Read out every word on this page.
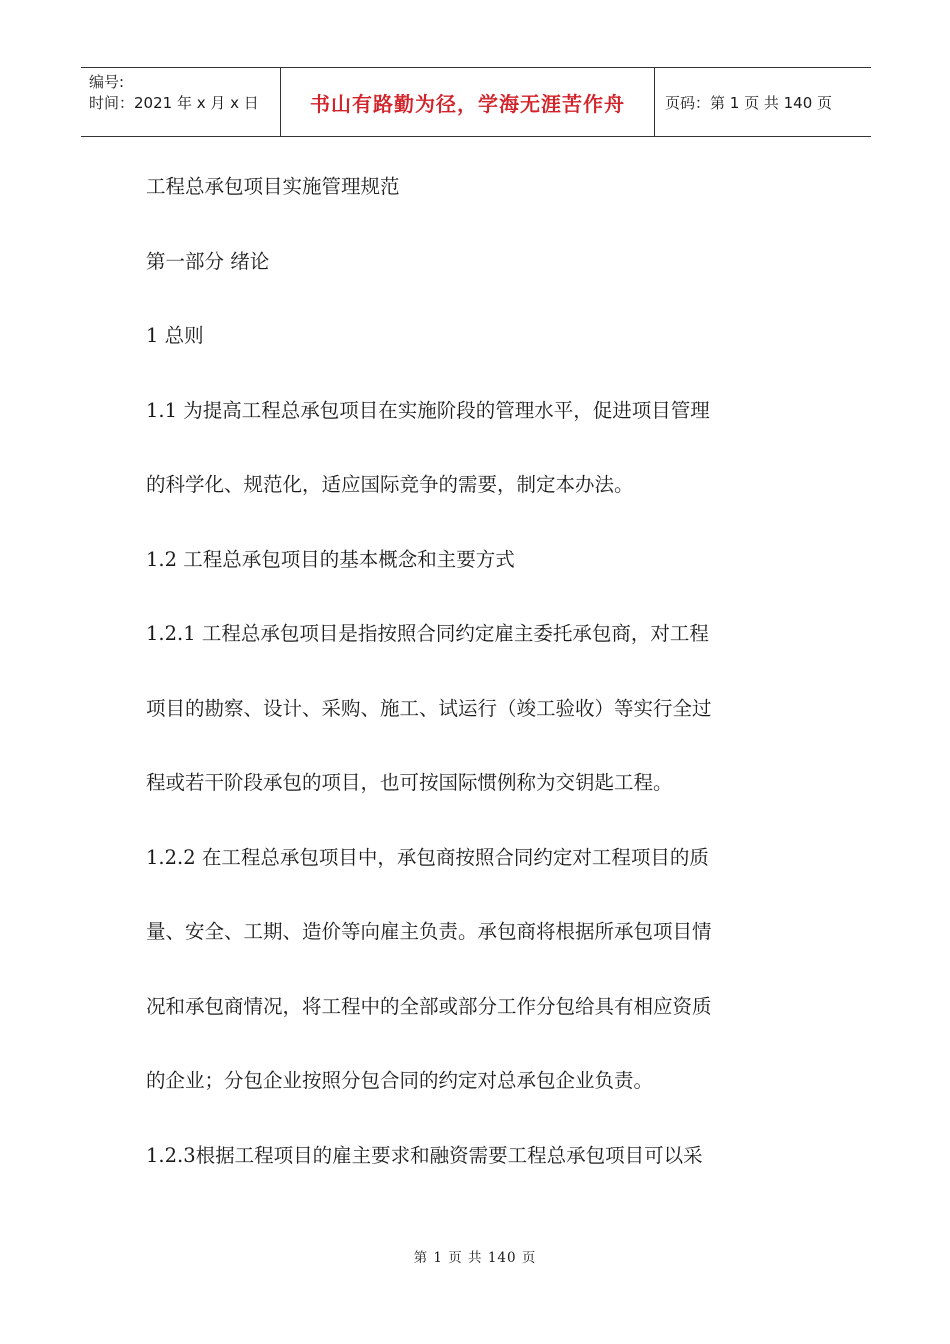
编号:
时间：2021 年 x 月 x 日	书山有路勤为径，学海无涯苦作舟	页码：第 1 页 共 140 页
工程总承包项目实施管理规范
第一部分 绪论
1 总则
1.1 为提高工程总承包项目在实施阶段的管理水平，促进项目管理
的科学化、规范化，适应国际竞争的需要，制定本办法。
1.2 工程总承包项目的基本概念和主要方式
1.2.1 工程总承包项目是指按照合同约定雇主委托承包商，对工程
项目的勘察、设计、采购、施工、试运行（竣工验收）等实行全过
程或若干阶段承包的项目，也可按国际惯例称为交钥匙工程。
1.2.2 在工程总承包项目中，承包商按照合同约定对工程项目的质
量、安全、工期、造价等向雇主负责。承包商将根据所承包项目情
况和承包商情况，将工程中的全部或部分工作分包给具有相应资质
的企业；分包企业按照分包合同的约定对总承包企业负责。
1.2.3根据工程项目的雇主要求和融资需要工程总承包项目可以采
第 1 页 共 140 页
